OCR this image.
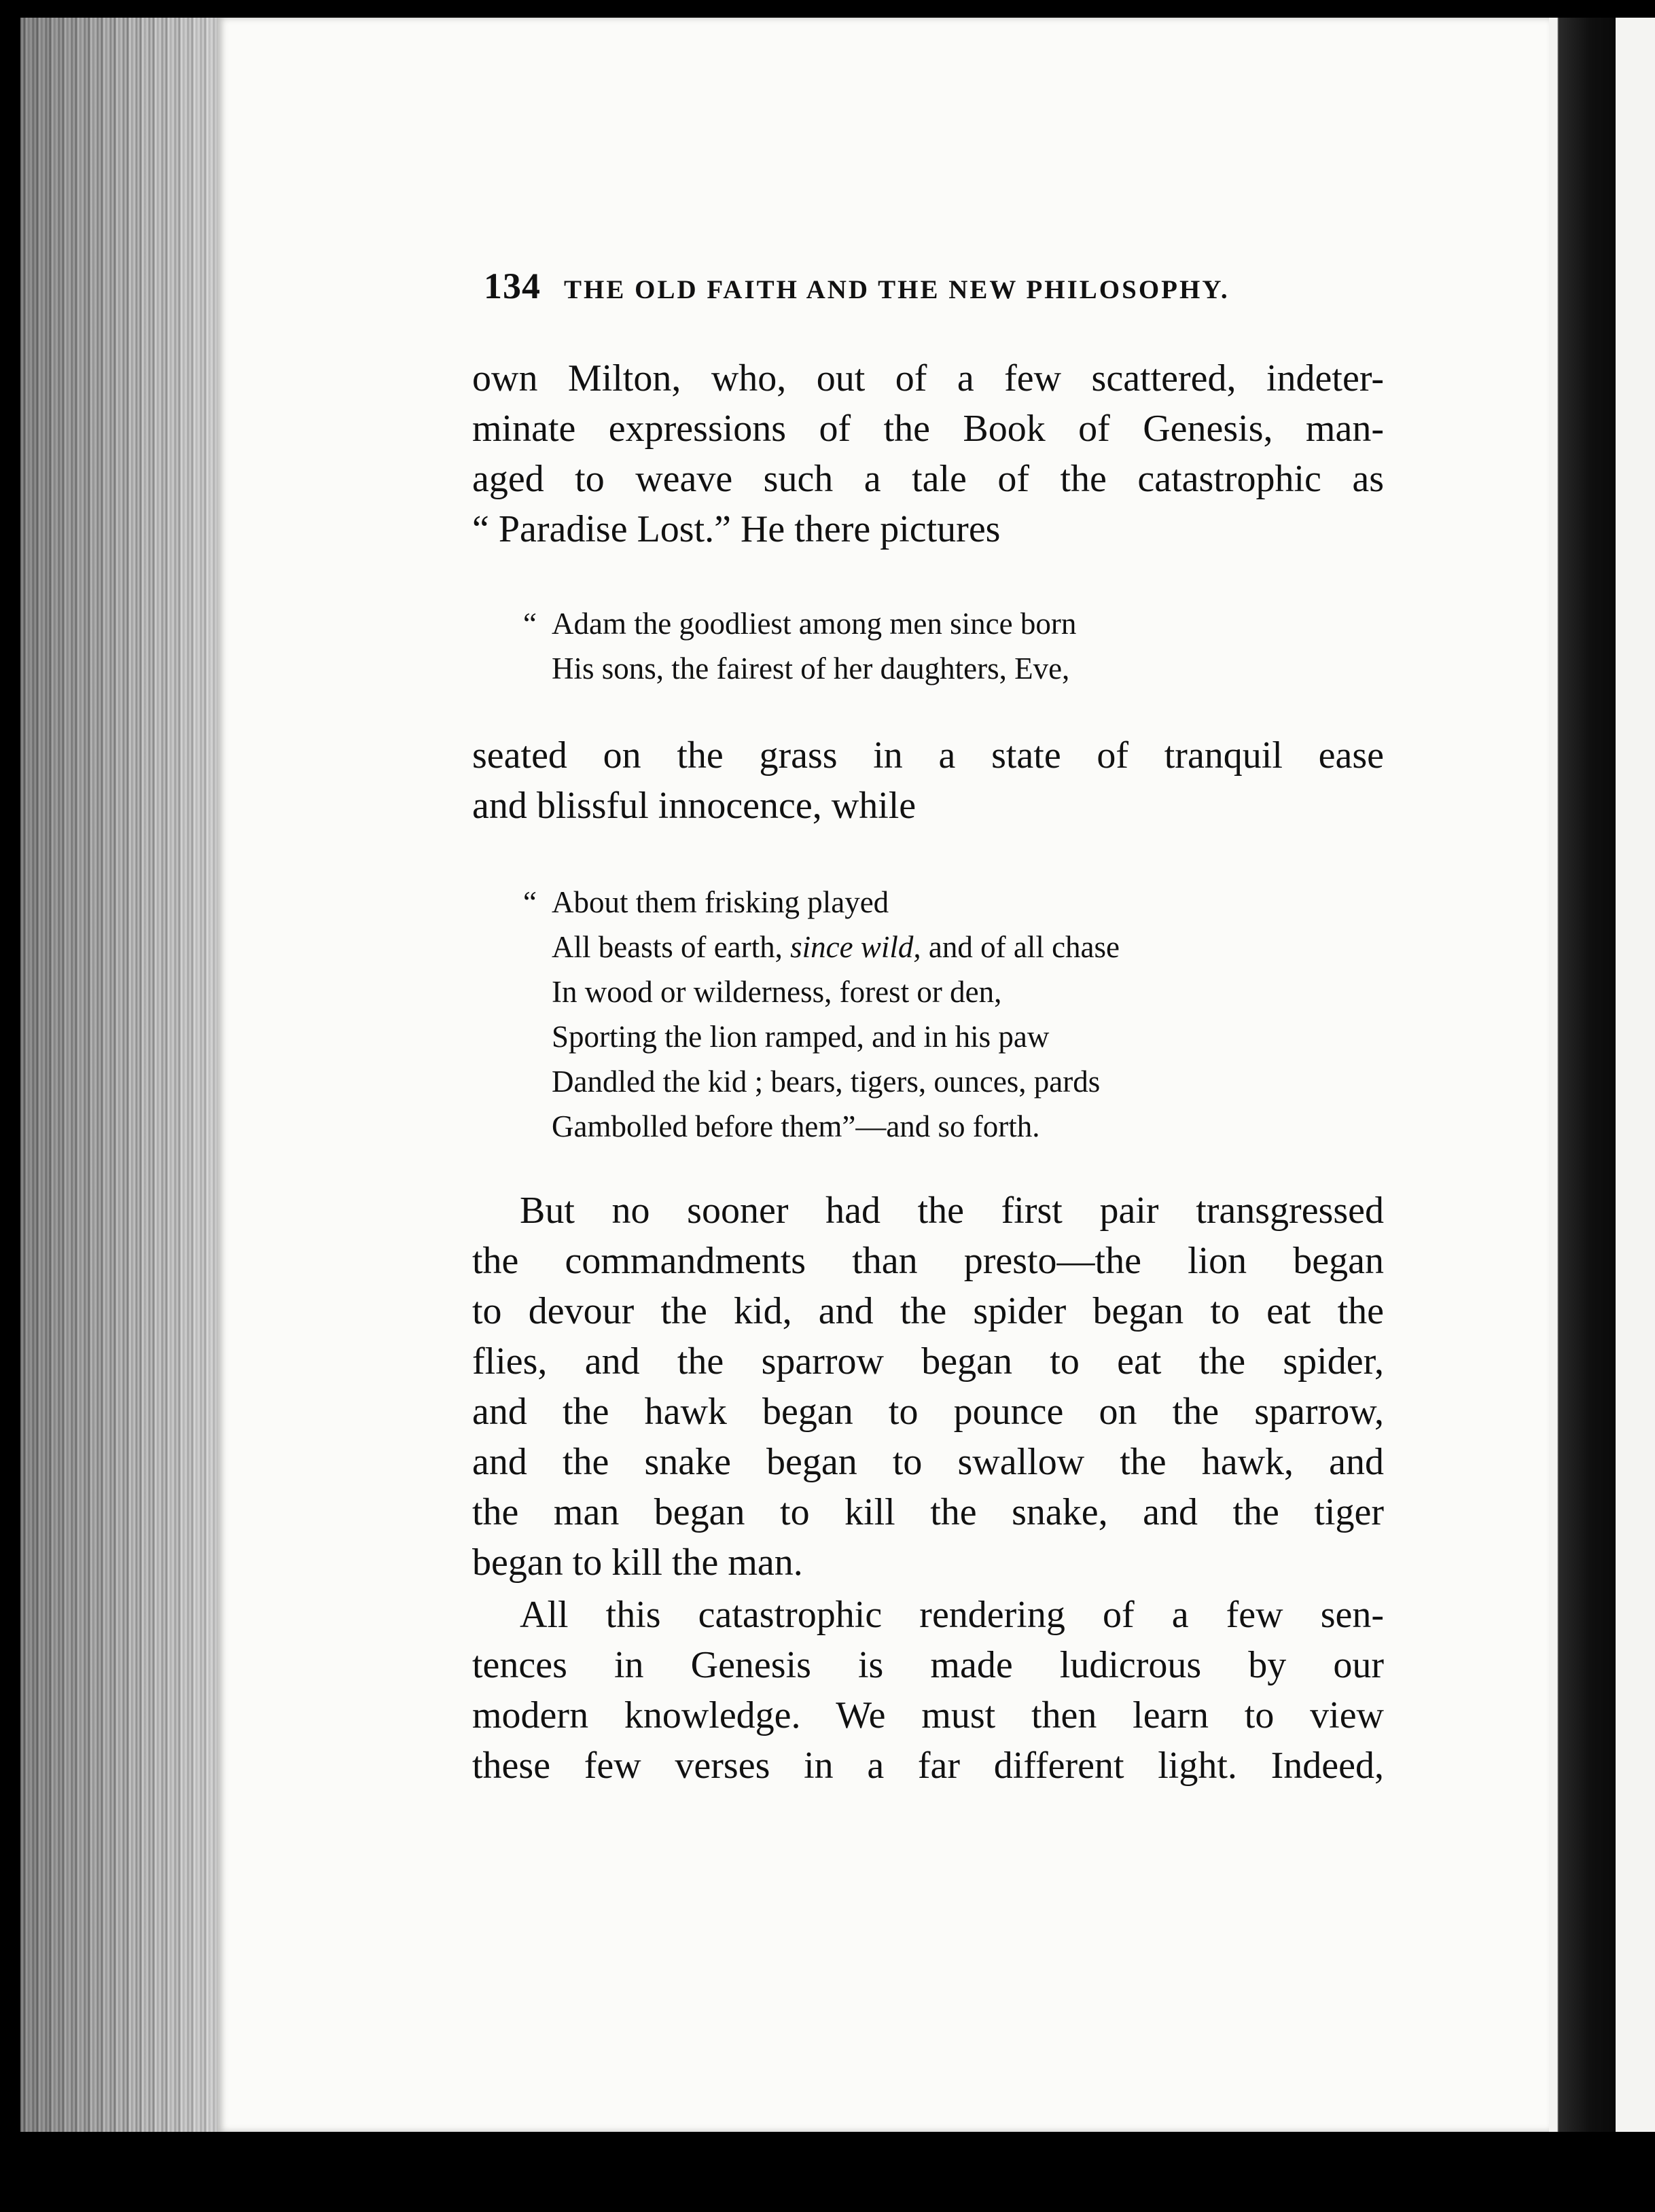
134 THE OLD FAITH AND THE NEW PHILOSOPHY.
own Milton, who, out of a few scattered, indeter-
minate expressions of the Book of Genesis, man-
aged to weave such a tale of the catastrophic as
“ Paradise Lost.” He there pictures
“ Adam the goodliest among men since born
His sons, the fairest of her daughters, Eve,
seated on the grass in a state of tranquil ease
and blissful innocence, while
“ About them frisking played
All beasts of earth, since wild, and of all chase
In wood or wilderness, forest or den,
Sporting the lion ramped, and in his paw
Dandled the kid ; bears, tigers, ounces, pards
Gambolled before them”—and so forth.
But no sooner had the first pair transgressed
the commandments than presto—the lion began
to devour the kid, and the spider began to eat the
flies, and the sparrow began to eat the spider,
and the hawk began to pounce on the sparrow,
and the snake began to swallow the hawk, and
the man began to kill the snake, and the tiger
began to kill the man.
All this catastrophic rendering of a few sen-
tences in Genesis is made ludicrous by our
modern knowledge. We must then learn to view
these few verses in a far different light. Indeed,
